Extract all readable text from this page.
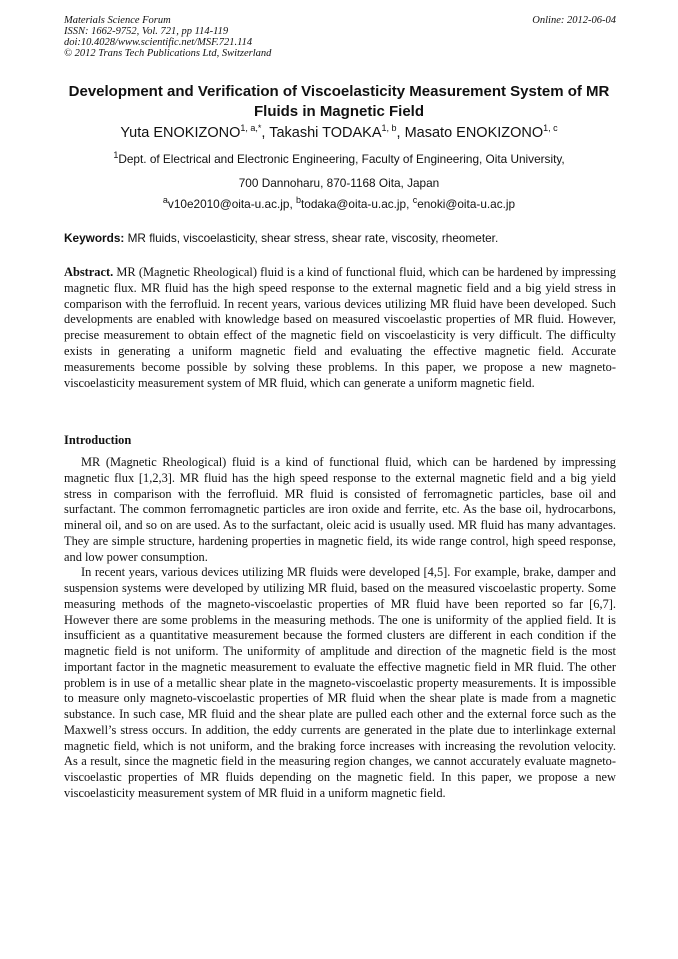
Materials Science Forum
ISSN: 1662-9752, Vol. 721, pp 114-119
doi:10.4028/www.scientific.net/MSF.721.114
© 2012 Trans Tech Publications Ltd, Switzerland
Online: 2012-06-04
Development and Verification of Viscoelasticity Measurement System of MR Fluids in Magnetic Field
Yuta $ENOKIZONO^{1, a,*}$, Takashi TODAKA$^{1, b}$, Masato ENOKIZONO$^{1, c}$
$^1$Dept. of Electrical and Electronic Engineering, Faculty of Engineering, Oita University,
700 Dannoharu, 870-1168 Oita, Japan
$^a$v10e2010@oita-u.ac.jp, $^b$todaka@oita-u.ac.jp, $^c$enoki@oita-u.ac.jp
Keywords: MR fluids, viscoelasticity, shear stress, shear rate, viscosity, rheometer.

Abstract. MR (Magnetic Rheological) fluid is a kind of functional fluid, which can be hardened by impressing magnetic flux. MR fluid has the high speed response to the external magnetic field and a big yield stress in comparison with the ferrofluid. In recent years, various devices utilizing MR fluid have been developed. Such developments are enabled with knowledge based on measured viscoelastic properties of MR fluid. However, precise measurement to obtain effect of the magnetic field on viscoelasticity is very difficult. The difficulty exists in generating a uniform magnetic field and evaluating the effective magnetic field. Accurate measurements become possible by solving these problems. In this paper, we propose a new magneto-viscoelasticity measurement system of MR fluid, which can generate a uniform magnetic field.

Introduction

MR (Magnetic Rheological) fluid is a kind of functional fluid, which can be hardened by impressing magnetic flux [1,2,3]. MR fluid has the high speed response to the external magnetic field and a big yield stress in comparison with the ferrofluid. MR fluid is consisted of ferromagnetic particles, base oil and surfactant. The common ferromagnetic particles are iron oxide and ferrite, etc. As the base oil, hydrocarbons, mineral oil, and so on are used. As to the surfactant, oleic acid is usually used. MR fluid has many advantages. They are simple structure, hardening properties in magnetic field, its wide range control, high speed response, and low power consumption.

In recent years, various devices utilizing MR fluids were developed [4,5]. For example, brake, damper and suspension systems were developed by utilizing MR fluid, based on the measured viscoelastic property. Some measuring methods of the magneto-viscoelastic properties of MR fluid have been reported so far [6,7]. However there are some problems in the measuring methods. The one is uniformity of the applied field. It is insufficient as a quantitative measurement because the formed clusters are different in each condition if the magnetic field is not uniform. The uniformity of amplitude and direction of the magnetic field is the most important factor in the magnetic measurement to evaluate the effective magnetic field in MR fluid. The other problem is in use of a metallic shear plate in the magneto-viscoelastic property measurements. It is impossible to measure only magneto-viscoelastic properties of MR fluid when the shear plate is made from a magnetic substance. In such case, MR fluid and the shear plate are pulled each other and the external force such as the Maxwell’s stress occurs. In addition, the eddy currents are generated in the plate due to interlinkage external magnetic field, which is not uniform, and the braking force increases with increasing the revolution velocity. As a result, since the magnetic field in the measuring region changes, we cannot accurately evaluate magneto-viscoelastic properties of MR fluids depending on the magnetic field. In this paper, we propose a new viscoelasticity measurement system of MR fluid in a uniform magnetic field.
